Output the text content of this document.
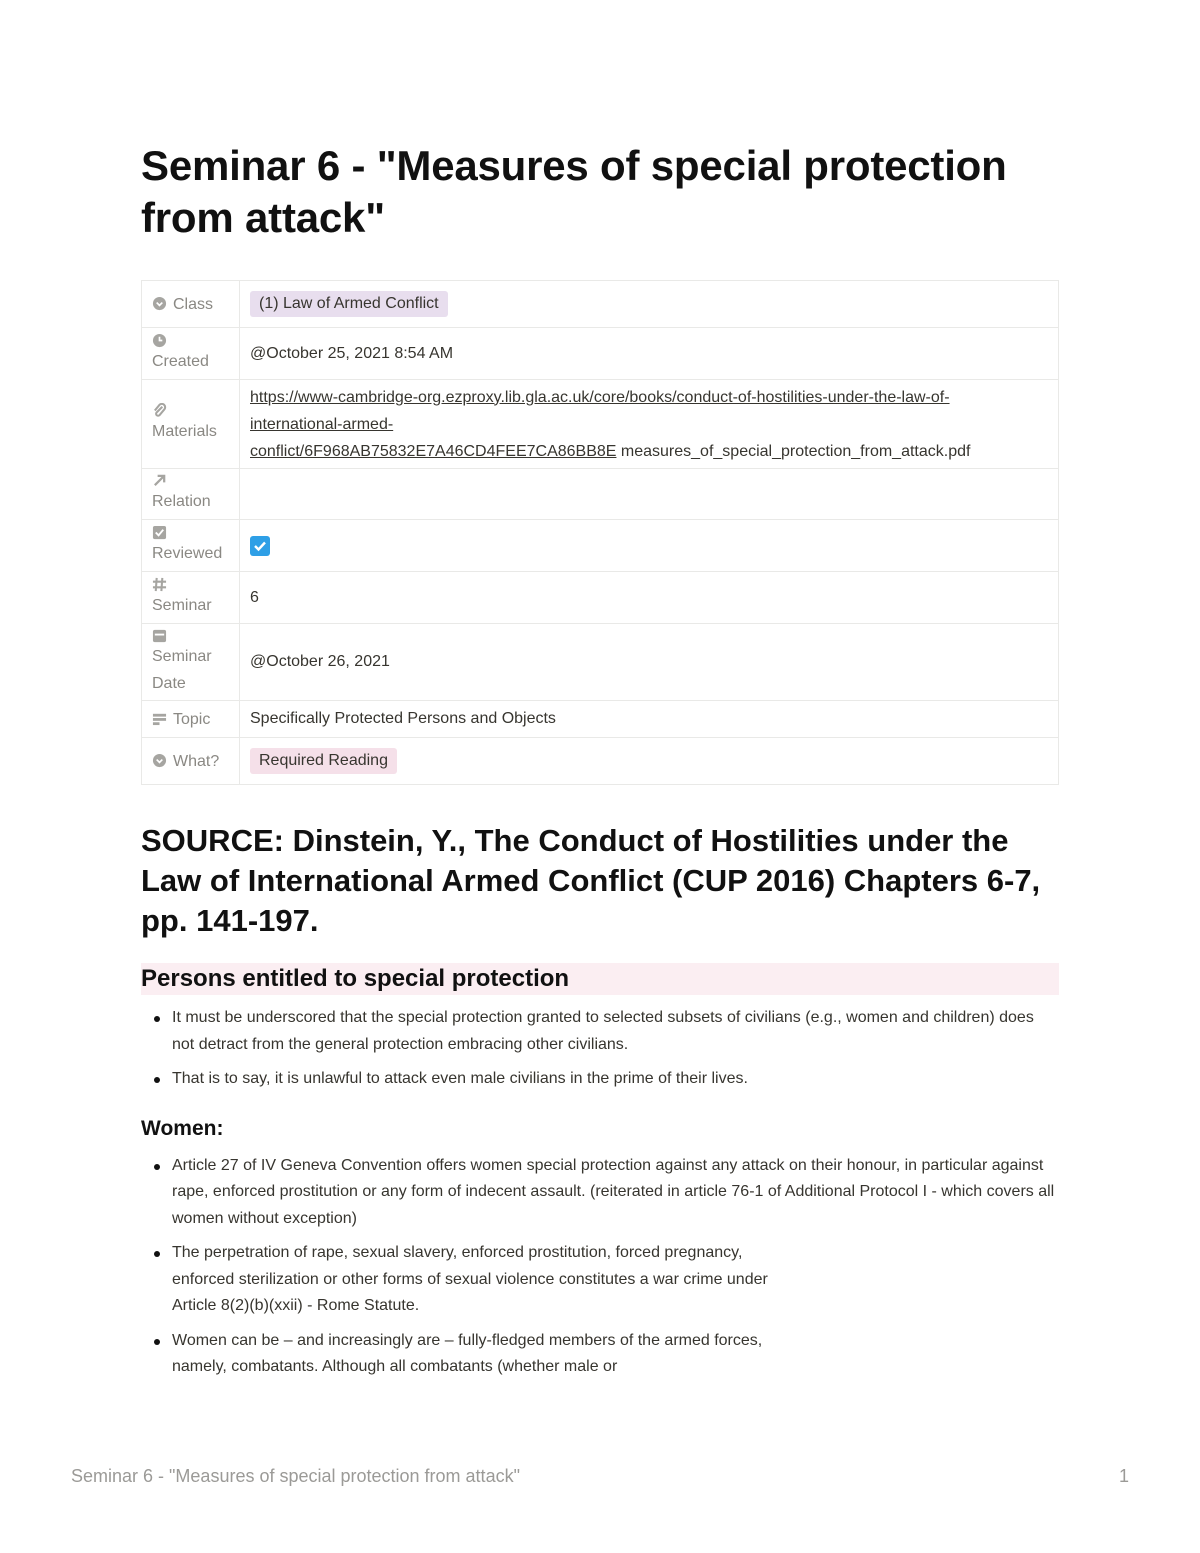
Seminar 6 - "Measures of special protection from attack"
Class	(1) Law of Armed Conflict

Created	@October 25, 2021 8:54 AM

Materials	https://www-cambridge-org.ezproxy.lib.gla.ac.uk/core/books/conduct-of-hostilities-under-the-law-of-
international-armed-
conflict/6F968AB75832E7A46CD4FEE7CA86BB8E measures_of_special_protection_from_attack.pdf

Relation	

Reviewed	

Seminar	6

Seminar
Date	@October 26, 2021
Topic	Specifically Protected Persons and Objects
What?	Required Reading
SOURCE: Dinstein, Y., The Conduct of Hostilities under the Law of International Armed Conflict (CUP 2016) Chapters 6-7, pp. 141-197.
Persons entitled to special protection
It must be underscored that the special protection granted to selected subsets of civilians (e.g., women and children) does not detract from the general protection embracing other civilians.
That is to say, it is unlawful to attack even male civilians in the prime of their lives.
Women:
Article 27 of IV Geneva Convention offers women special protection against any attack on their honour, in particular against rape, enforced prostitution or any form of indecent assault. (reiterated in article 76-1 of Additional Protocol I - which covers all women without exception)
The perpetration of rape, sexual slavery, enforced prostitution, forced pregnancy, enforced sterilization or other forms of sexual violence constitutes a war crime under Article 8(2)(b)(xxii) - Rome Statute.
Women can be – and increasingly are – fully-fledged members of the armed forces, namely, combatants. Although all combatants (whether male or
Seminar 6 - "Measures of special protection from attack"	1
